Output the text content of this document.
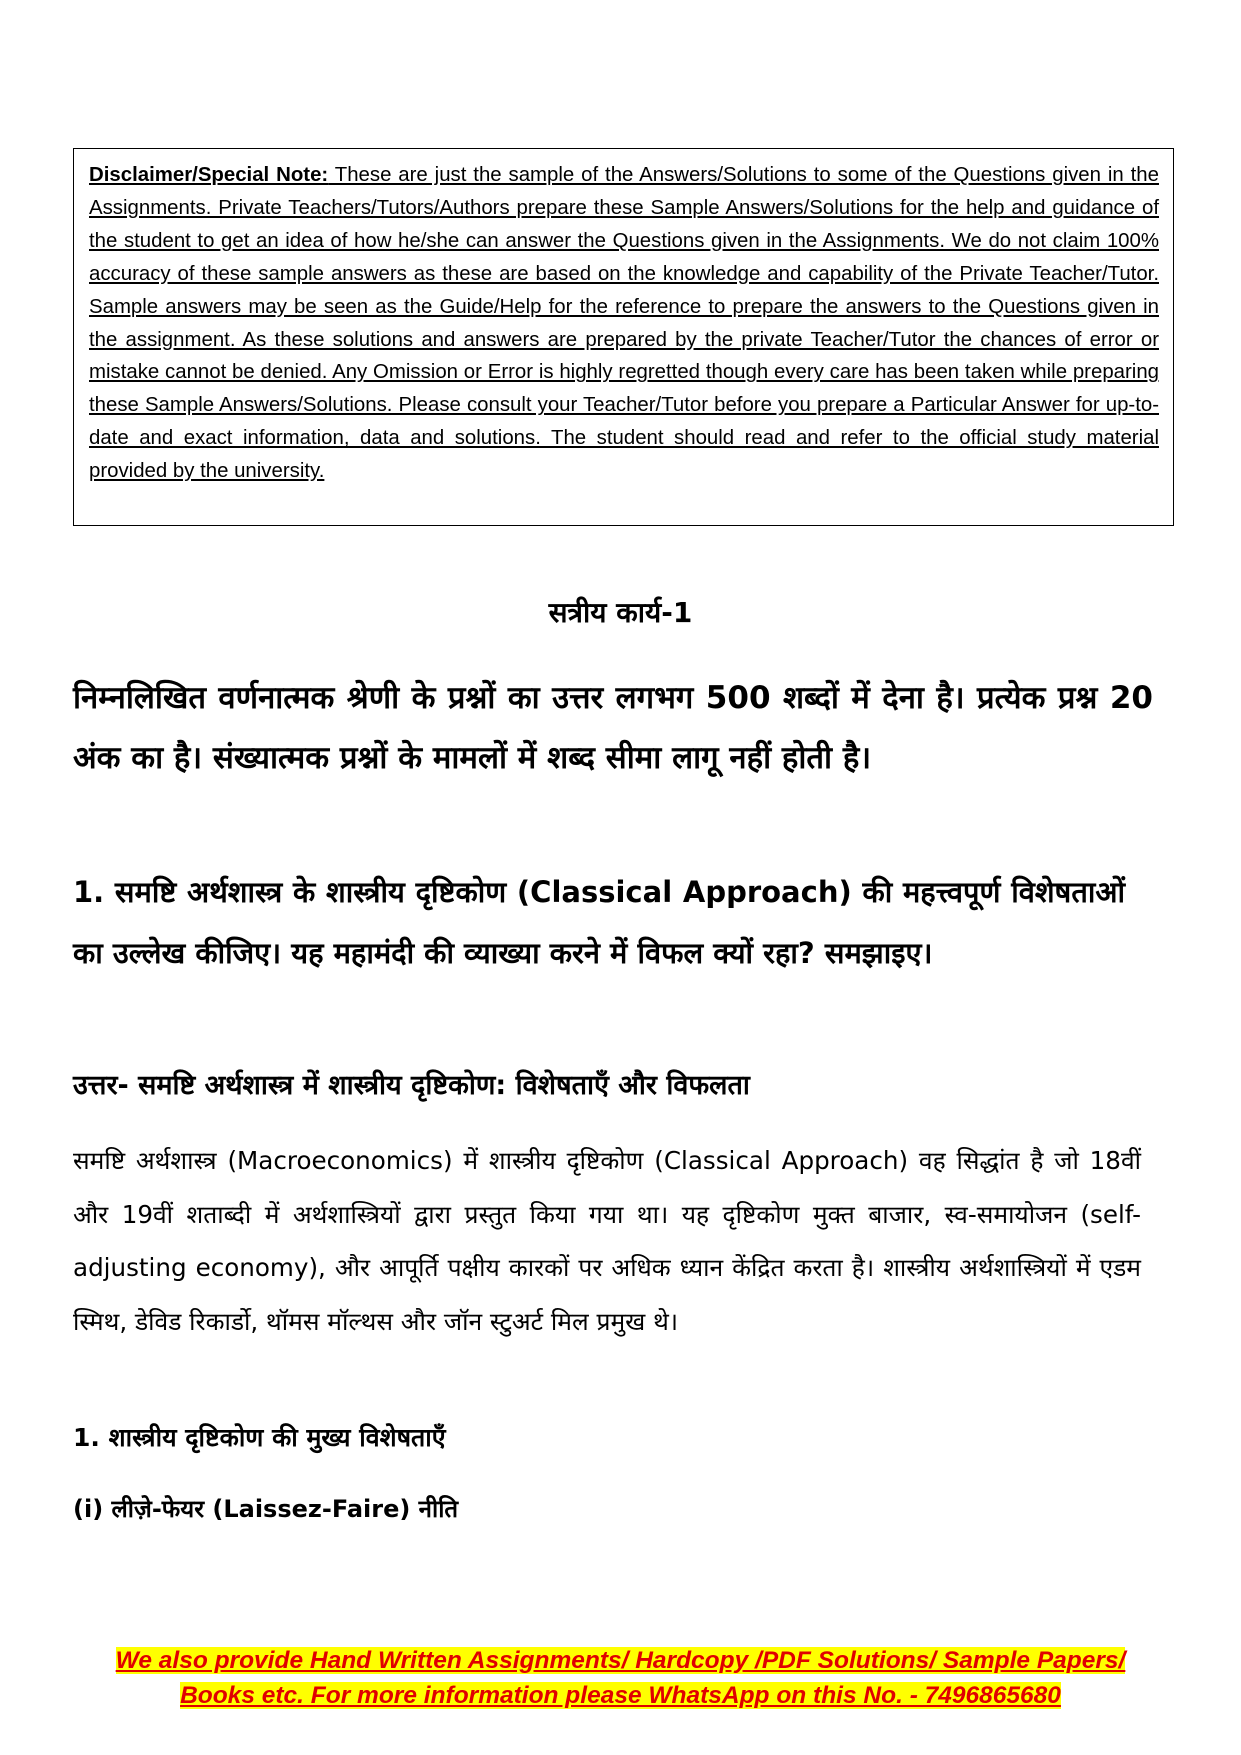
Disclaimer/Special Note: These are just the sample of the Answers/Solutions to some of the Questions given in the Assignments. Private Teachers/Tutors/Authors prepare these Sample Answers/Solutions for the help and guidance of the student to get an idea of how he/she can answer the Questions given in the Assignments. We do not claim 100% accuracy of these sample answers as these are based on the knowledge and capability of the Private Teacher/Tutor. Sample answers may be seen as the Guide/Help for the reference to prepare the answers to the Questions given in the assignment. As these solutions and answers are prepared by the private Teacher/Tutor the chances of error or mistake cannot be denied. Any Omission or Error is highly regretted though every care has been taken while preparing these Sample Answers/Solutions. Please consult your Teacher/Tutor before you prepare a Particular Answer for up-to-date and exact information, data and solutions. The student should read and refer to the official study material provided by the university.

सत्रीय कार्य-1

निम्नलिखित वर्णनात्मक श्रेणी के प्रश्नों का उत्तर लगभग 500 शब्दों में देना है। प्रत्येक प्रश्न 20 अंक का है। संख्यात्मक प्रश्नों के मामलों में शब्द सीमा लागू नहीं होती है।

1. समष्टि अर्थशास्त्र के शास्त्रीय दृष्टिकोण (Classical Approach) की महत्त्वपूर्ण विशेषताओं का उल्लेख कीजिए। यह महामंदी की व्याख्या करने में विफल क्यों रहा? समझाइए।

उत्तर- समष्टि अर्थशास्त्र में शास्त्रीय दृष्टिकोण: विशेषताएँ और विफलता

समष्टि अर्थशास्त्र (Macroeconomics) में शास्त्रीय दृष्टिकोण (Classical Approach) वह सिद्धांत है जो 18वीं और 19वीं शताब्दी में अर्थशास्त्रियों द्वारा प्रस्तुत किया गया था। यह दृष्टिकोण मुक्त बाजार, स्व-समायोजन (self-adjusting economy), और आपूर्ति पक्षीय कारकों पर अधिक ध्यान केंद्रित करता है। शास्त्रीय अर्थशास्त्रियों में एडम स्मिथ, डेविड रिकार्डो, थॉमस मॉल्थस और जॉन स्टुअर्ट मिल प्रमुख थे।

1. शास्त्रीय दृष्टिकोण की मुख्य विशेषताएँ
(i) लीज़े-फेयर (Laissez-Faire) नीति
We also provide Hand Written Assignments/ Hardcopy /PDF Solutions/ Sample Papers/
Books etc. For more information please WhatsApp on this No. - 7496865680
